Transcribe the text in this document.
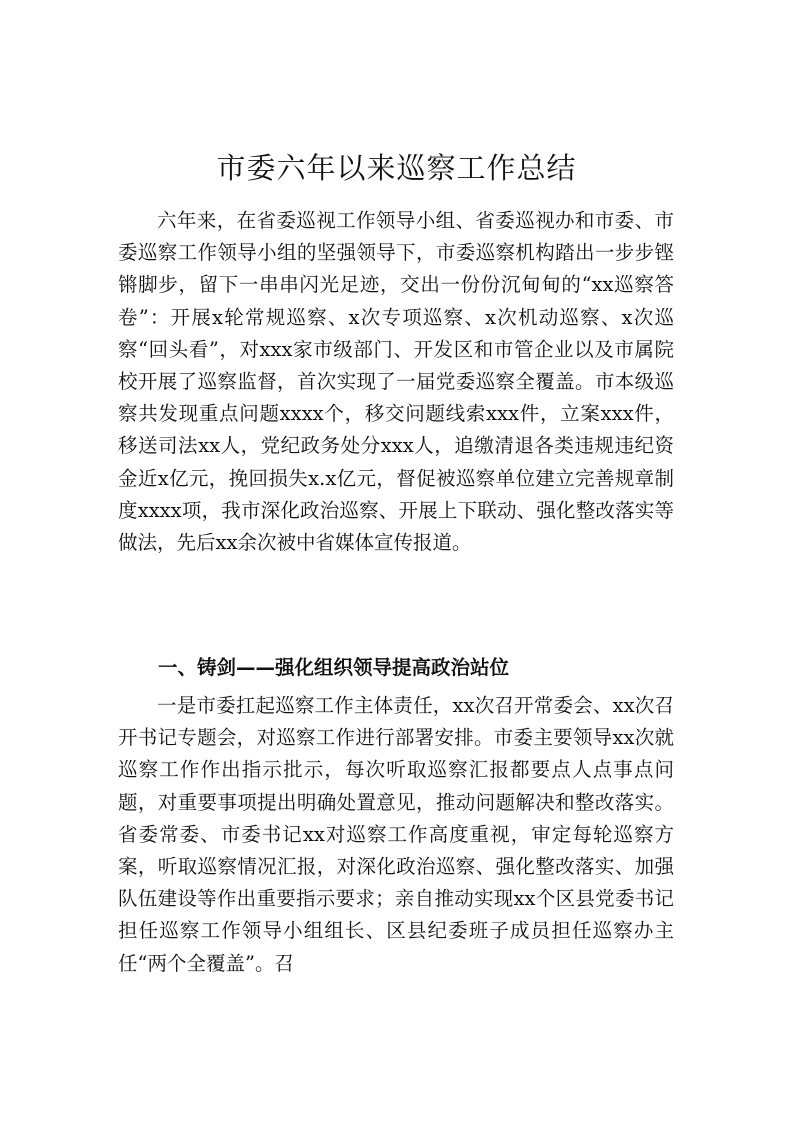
市委六年以来巡察工作总结

六年来，在省委巡视工作领导小组、省委巡视办和市委、市委巡察工作领导小组的坚强领导下，市委巡察机构踏出一步步铿锵脚步，留下一串串闪光足迹，交出一份份沉甸甸的“xx巡察答卷”：开展x轮常规巡察、x次专项巡察、x次机动巡察、x次巡察“回头看”，对xxx家市级部门、开发区和市管企业以及市属院校开展了巡察监督，首次实现了一届党委巡察全覆盖。市本级巡察共发现重点问题xxxx个，移交问题线索xxx件，立案xxx件，移送司法xx人，党纪政务处分xxx人，追缴清退各类违规违纪资金近x亿元，挽回损失x.x亿元，督促被巡察单位建立完善规章制度xxxx项，我市深化政治巡察、开展上下联动、强化整改落实等做法，先后xx余次被中省媒体宣传报道。

一、铸剑——强化组织领导提高政治站位

一是市委扛起巡察工作主体责任，xx次召开常委会、xx次召开书记专题会，对巡察工作进行部署安排。市委主要领导xx次就巡察工作作出指示批示，每次听取巡察汇报都要点人点事点问题，对重要事项提出明确处置意见，推动问题解决和整改落实。省委常委、市委书记xx对巡察工作高度重视，审定每轮巡察方案，听取巡察情况汇报，对深化政治巡察、强化整改落实、加强队伍建设等作出重要指示要求；亲自推动实现xx个区县党委书记担任巡察工作领导小组组长、区县纪委班子成员担任巡察办主任“两个全覆盖”。召
